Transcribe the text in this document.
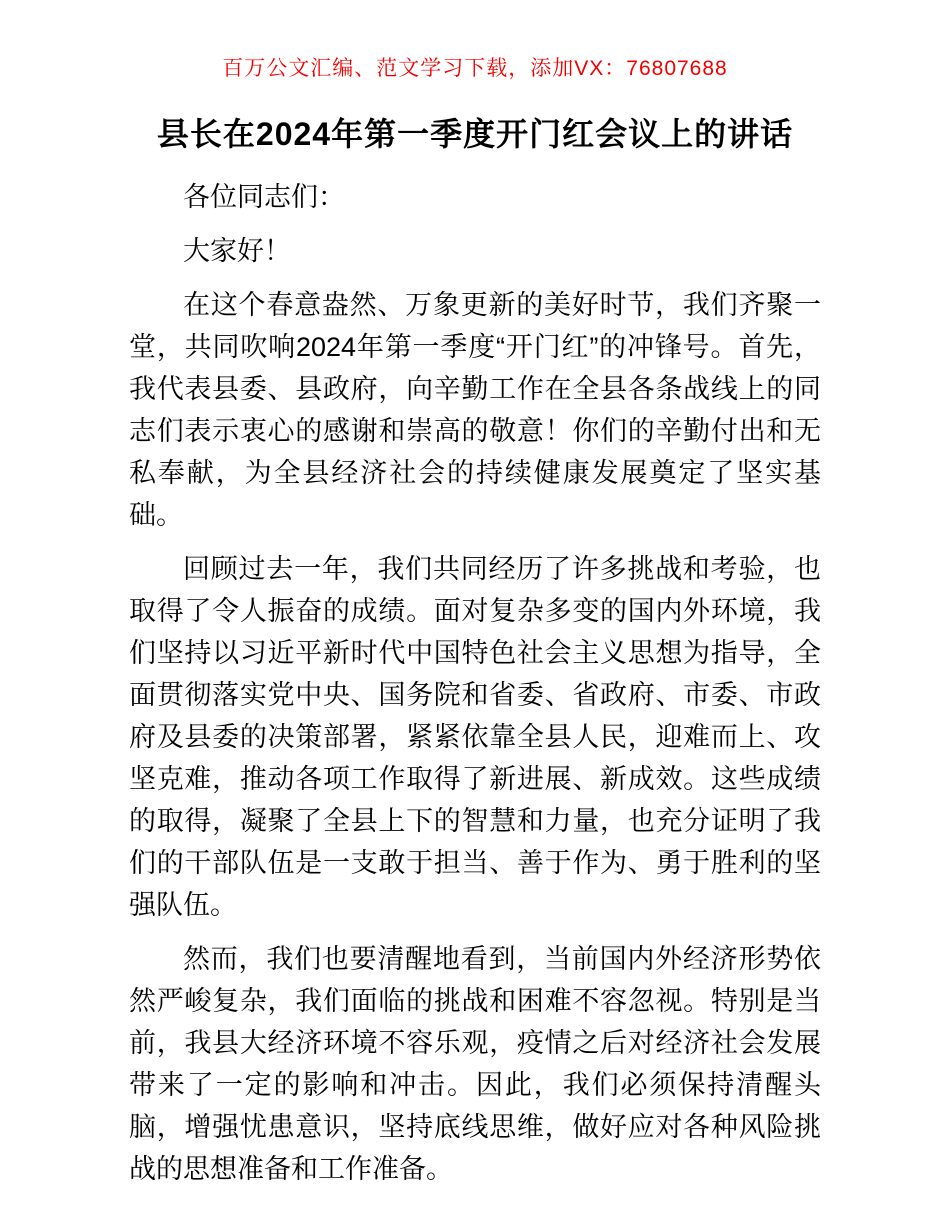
百万公文汇编、范文学习下载，添加VX：76807688
县长在2024年第一季度开门红会议上的讲话

各位同志们：

大家好！

在这个春意盎然、万象更新的美好时节，我们齐聚一堂，共同吹响2024年第一季度“开门红”的冲锋号。首先，我代表县委、县政府，向辛勤工作在全县各条战线上的同志们表示衷心的感谢和崇高的敬意！你们的辛勤付出和无私奉献，为全县经济社会的持续健康发展奠定了坚实基础。

回顾过去一年，我们共同经历了许多挑战和考验，也取得了令人振奋的成绩。面对复杂多变的国内外环境，我们坚持以习近平新时代中国特色社会主义思想为指导，全面贯彻落实党中央、国务院和省委、省政府、市委、市政府及县委的决策部署，紧紧依靠全县人民，迎难而上、攻坚克难，推动各项工作取得了新进展、新成效。这些成绩的取得，凝聚了全县上下的智慧和力量，也充分证明了我们的干部队伍是一支敢于担当、善于作为、勇于胜利的坚强队伍。

然而，我们也要清醒地看到，当前国内外经济形势依然严峻复杂，我们面临的挑战和困难不容忽视。特别是当前，我县大经济环境不容乐观，疫情之后对经济社会发展带来了一定的影响和冲击。因此，我们必须保持清醒头脑，增强忧患意识，坚持底线思维，做好应对各种风险挑战的思想准备和工作准备。
